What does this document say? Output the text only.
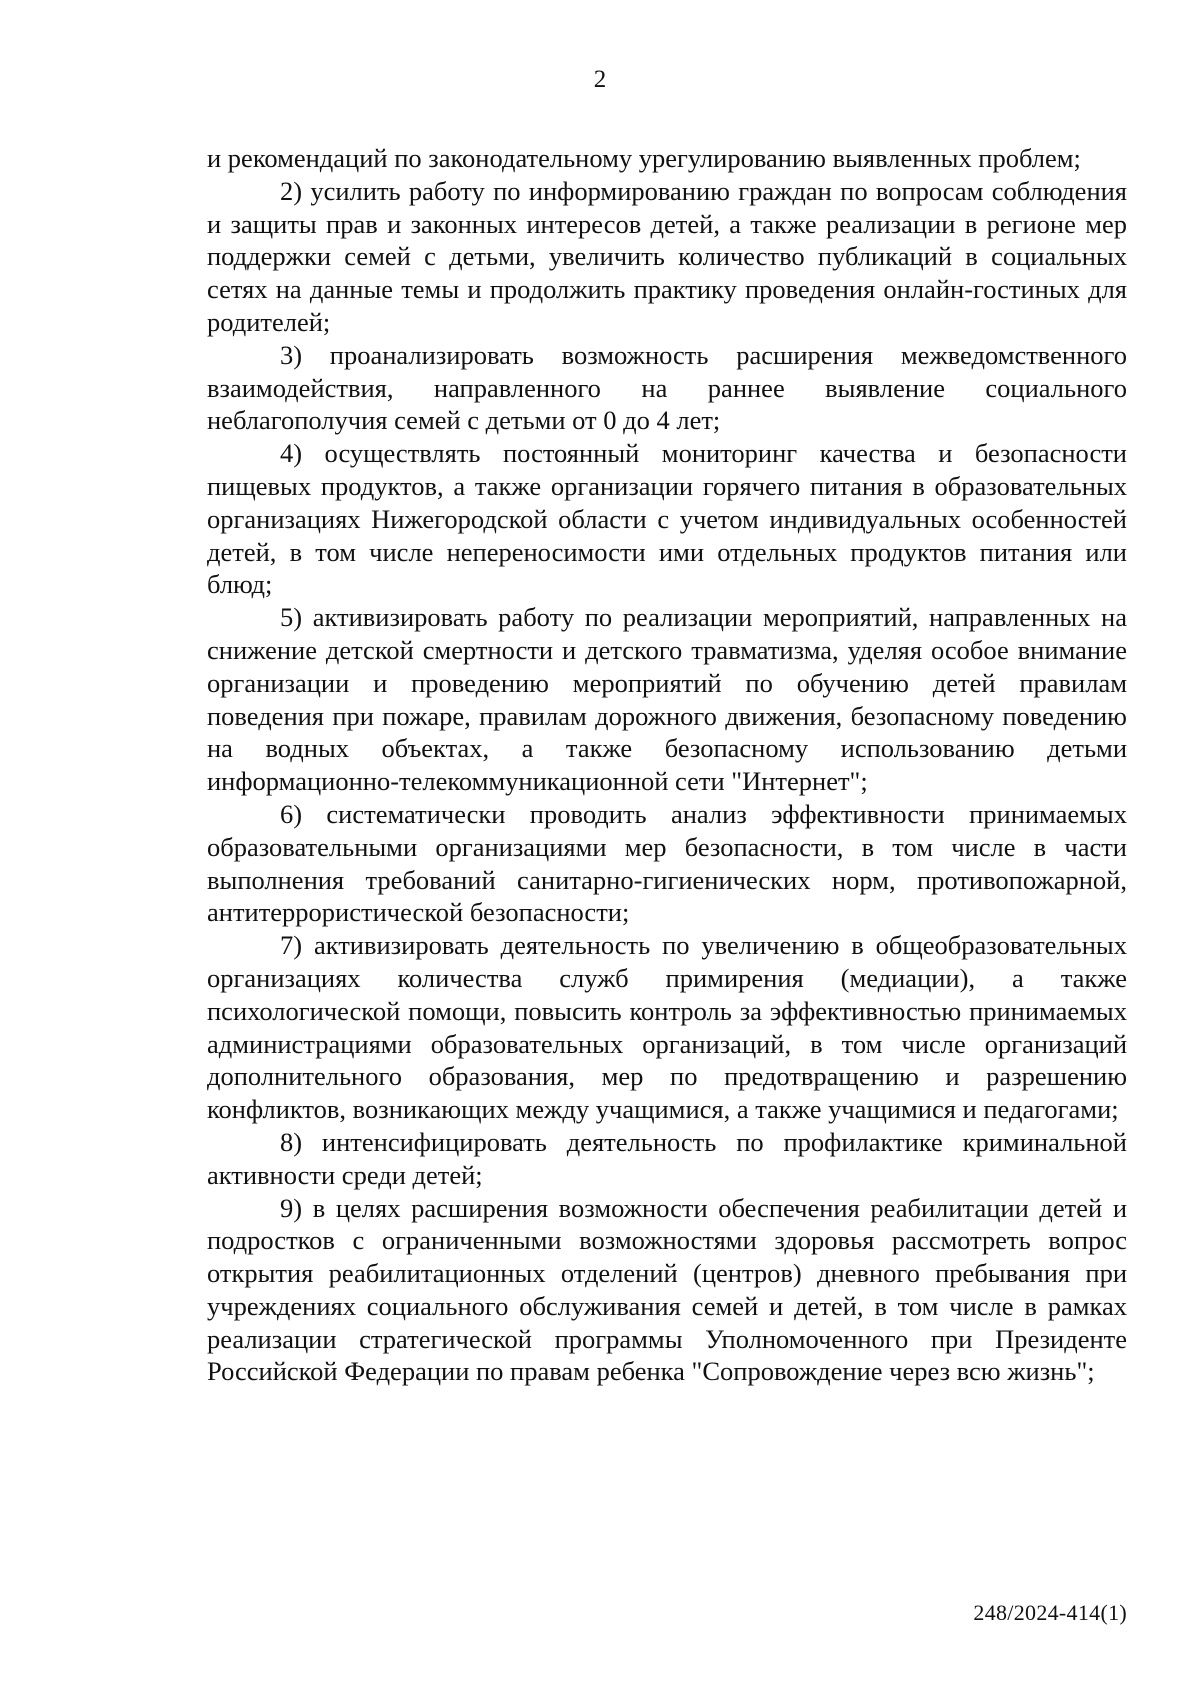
2

и рекомендаций по законодательному урегулированию выявленных проблем;

2) усилить работу по информированию граждан по вопросам соблюдения и защиты прав и законных интересов детей, а также реализации в регионе мер поддержки семей с детьми, увеличить количество публикаций в социальных сетях на данные темы и продолжить практику проведения онлайн-гостиных для родителей;

3) проанализировать возможность расширения межведомственного взаимодействия, направленного на раннее выявление социального неблагополучия семей с детьми от 0 до 4 лет;

4) осуществлять постоянный мониторинг качества и безопасности пищевых продуктов, а также организации горячего питания в образовательных организациях Нижегородской области с учетом индивидуальных особенностей детей, в том числе непереносимости ими отдельных продуктов питания или блюд;

5) активизировать работу по реализации мероприятий, направленных на снижение детской смертности и детского травматизма, уделяя особое внимание организации и проведению мероприятий по обучению детей правилам поведения при пожаре, правилам дорожного движения, безопасному поведению на водных объектах, а также безопасному использованию детьми информационно-телекоммуникационной сети "Интернет";

6) систематически проводить анализ эффективности принимаемых образовательными организациями мер безопасности, в том числе в части выполнения требований санитарно-гигиенических норм, противопожарной, антитеррористической безопасности;

7) активизировать деятельность по увеличению в общеобразовательных организациях количества служб примирения (медиации), а также психологической помощи, повысить контроль за эффективностью принимаемых администрациями образовательных организаций, в том числе организаций дополнительного образования, мер по предотвращению и разрешению конфликтов, возникающих между учащимися, а также учащимися и педагогами;

8) интенсифицировать деятельность по профилактике криминальной активности среди детей;

9) в целях расширения возможности обеспечения реабилитации детей и подростков с ограниченными возможностями здоровья рассмотреть вопрос открытия реабилитационных отделений (центров) дневного пребывания при учреждениях социального обслуживания семей и детей, в том числе в рамках реализации стратегической программы Уполномоченного при Президенте Российской Федерации по правам ребенка "Сопровождение через всю жизнь";

248/2024-414(1)
